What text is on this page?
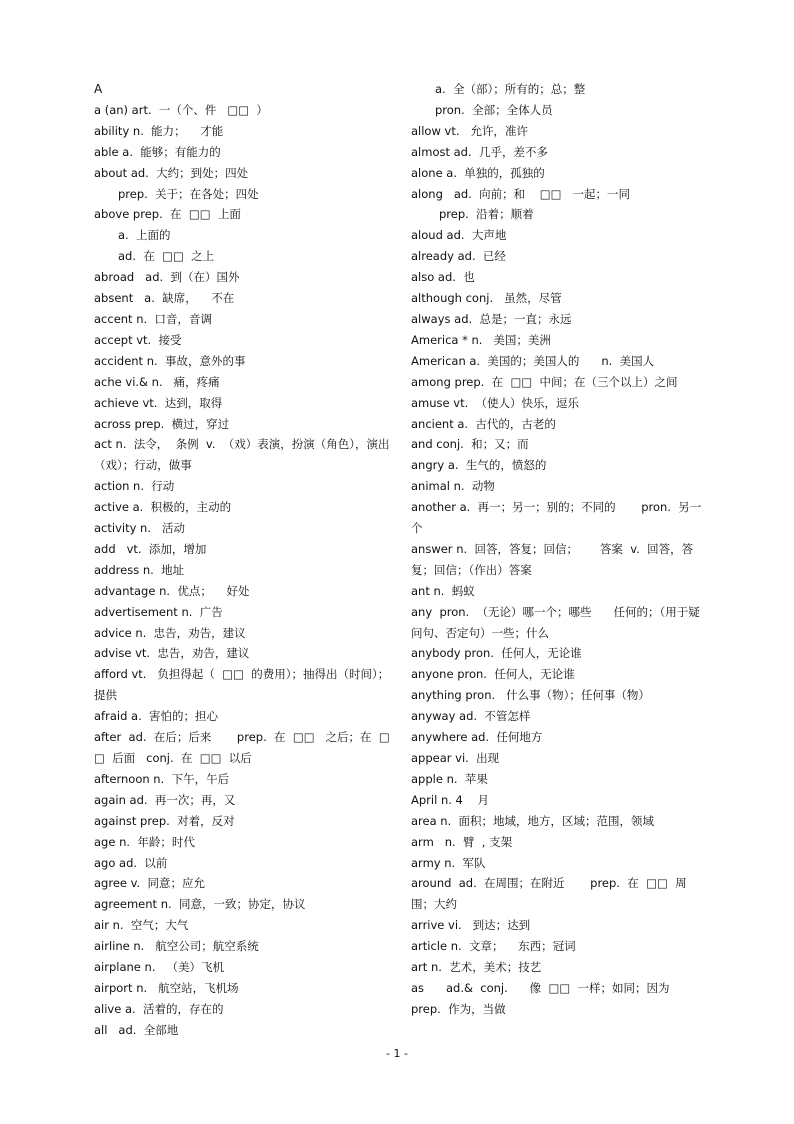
A

a (an) art.  一（个、件   □□  ）

ability n.  能力；    才能

able a.  能够；有能力的

about ad.  大约；到处；四处

prep.  关于；在各处；四处

above prep.  在  □□  上面

a.  上面的

ad.  在  □□  之上

abroad   ad.  到（在）国外

absent   a.  缺席，    不在

accent n.  口音，音调

accept vt.  接受

accident n.  事故，意外的事

ache vi.& n.   痛，疼痛

achieve vt.  达到，取得

across prep.  横过，穿过

act n.  法令，  条例  v.  （戏）表演，扮演（角色），演出（戏）；行动，做事

action n.  行动

active a.  积极的，主动的

activity n.   活动

add   vt.  添加，增加

address n.  地址

advantage n.  优点；    好处

advertisement n.  广告

advice n.  忠告，劝告，建议

advise vt.  忠告，劝告，建议

afford vt.   负担得起（  □□  的费用）；抽得出（时间）；提供

afraid a.  害怕的；担心

after  ad.  在后；后来       prep.  在  □□   之后；在  □□  后面   conj.  在  □□  以后

afternoon n.  下午，午后

again ad.  再一次；再，又

against prep.  对着，反对

age n.  年龄；时代

ago ad.  以前

agree v.  同意；应允

agreement n.  同意，一致；协定，协议

air n.  空气；大气

airline n.   航空公司；航空系统

airplane n.   （美）飞机

airport n.   航空站，飞机场

alive a.  活着的，存在的

all   ad.  全部地

a.  全（部）；所有的；总；整

pron.  全部；全体人员

allow vt.   允许，准许

almost ad.  几乎，差不多

alone a.  单独的，孤独的

along   ad.  向前；和    □□   一起；一同

prep.  沿着；顺着

aloud ad.  大声地

already ad.  已经

also ad.  也

although conj.   虽然，尽管

always ad.  总是；一直；永远

America * n.   美国；美洲

American a.  美国的；美国人的      n.  美国人

among prep.  在  □□  中间；在（三个以上）之间

amuse vt.  （使人）快乐，逗乐

ancient a.  古代的，古老的

and conj.  和；又；而

angry a.  生气的，愤怒的

animal n.  动物

another a.  再一；另一；别的；不同的       pron.  另一个

answer n.  回答，答复；回信；      答案  v.  回答，答复；回信；（作出）答案

ant n.  蚂蚁

any  pron.  （无论）哪一个；哪些      任何的；（用于疑问句、否定句）一些；什么

anybody pron.  任何人，无论谁

anyone pron.  任何人，无论谁

anything pron.   什么事（物）；任何事（物）

anyway ad.  不管怎样

anywhere ad.  任何地方

appear vi.  出现

apple n.  苹果

April n. 4    月

area n.  面积；地域，地方，区域；范围，领域

arm   n.  臂  , 支架

army n.  军队

around  ad.  在周围；在附近       prep.  在  □□  周围；大约

arrive vi.   到达；达到

article n.  文章；    东西；冠词

art n.  艺术，美术；技艺

as      ad.&  conj.      像  □□  一样；如同；因为

prep.  作为，当做

- 1 -
